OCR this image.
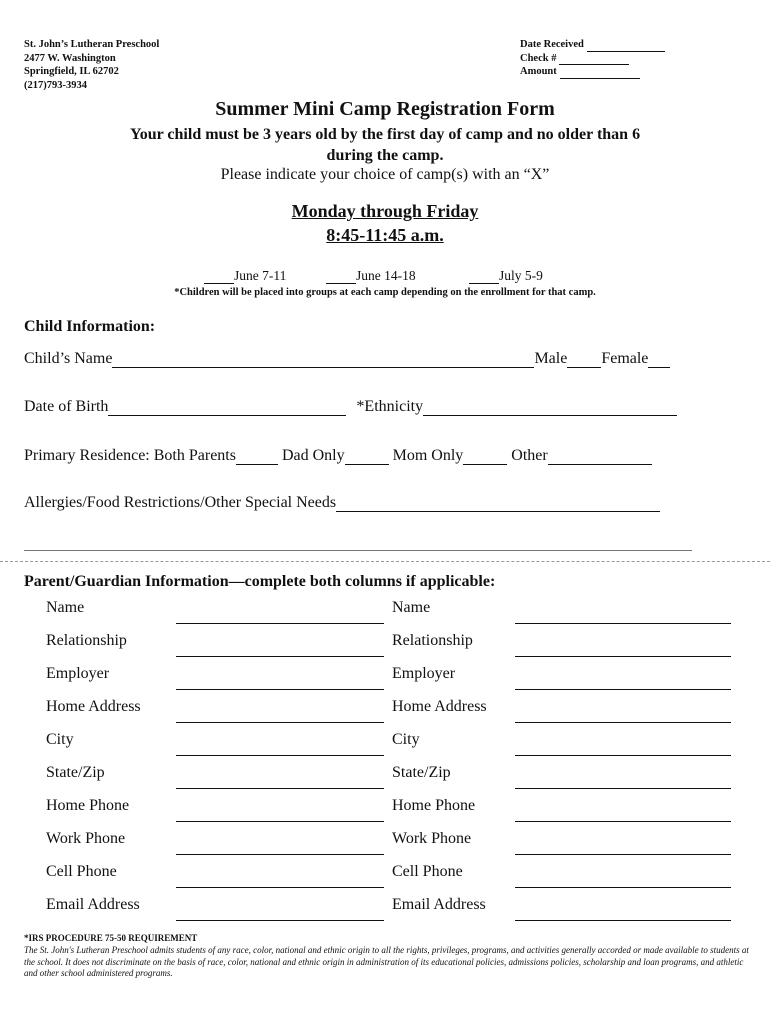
St. John’s Lutheran Preschool
2477 W. Washington
Springfield, IL 62702
(217)793-3934
Date Received
Check #
Amount
Summer Mini Camp Registration Form
Your child must be 3 years old by the first day of camp and no older than 6 during the camp.
Please indicate your choice of camp(s) with an “X”
Monday through Friday
8:45-11:45 a.m.
June 7-11	June 14-18	July 5-9
*Children will be placed into groups at each camp depending on the enrollment for that camp.
Child Information:
Child’s Name	Male Female
Date of Birth	*Ethnicity
Primary Residence: Both Parents	Dad Only	Mom Only	Other
Allergies/Food Restrictions/Other Special Needs
Parent/Guardian Information—complete both columns if applicable:
Name	Name
Relationship	Relationship
Employer	Employer
Home Address	Home Address
City	City
State/Zip	State/Zip
Home Phone	Home Phone
Work Phone	Work Phone
Cell Phone	Cell Phone
Email Address	Email Address
*IRS PROCEDURE 75-50 REQUIREMENT
The St. John's Lutheran Preschool admits students of any race, color, national and ethnic origin to all the rights, privileges, programs, and activities generally accorded or made available to students at the school. It does not discriminate on the basis of race, color, national and ethnic origin in administration of its educational policies, admissions policies, scholarship and loan programs, and athletic and other school administered programs.
